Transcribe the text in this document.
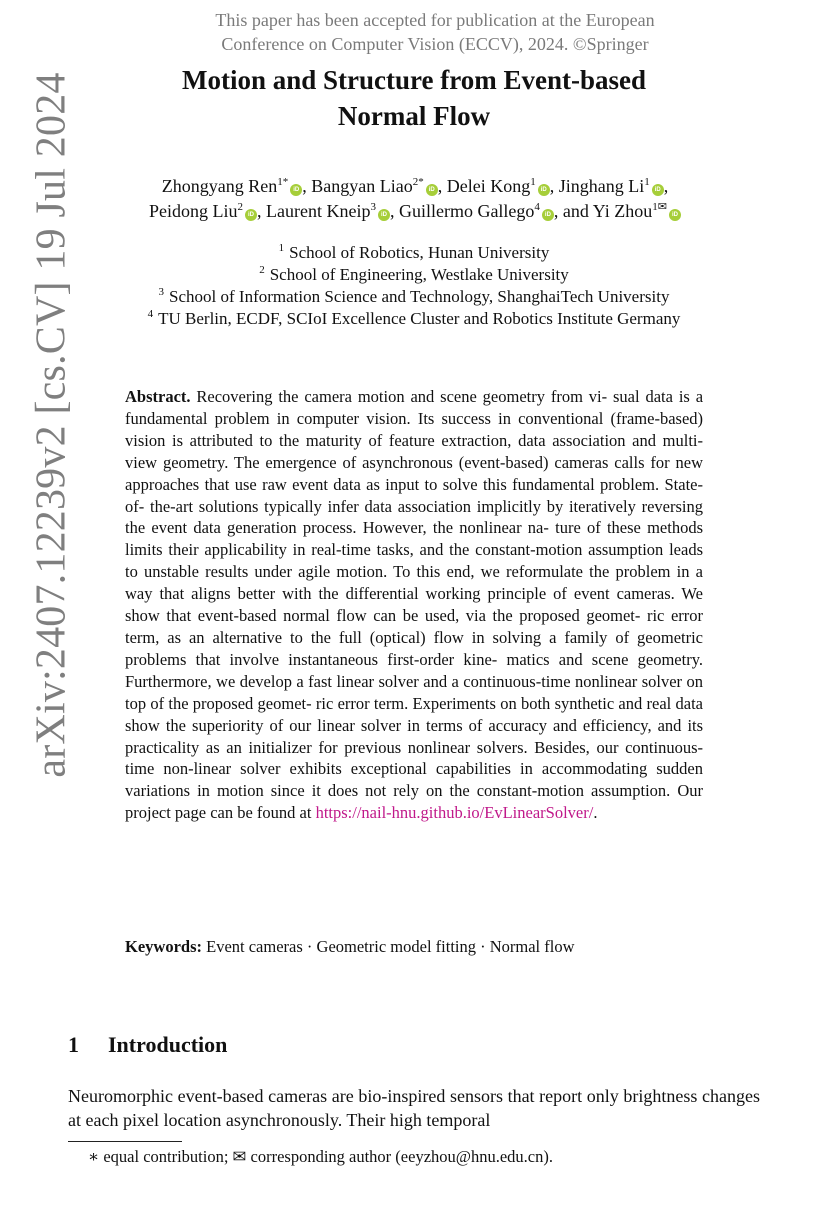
arXiv:2407.12239v2 [cs.CV] 19 Jul 2024
This paper has been accepted for publication at the European
Conference on Computer Vision (ECCV), 2024. ©Springer
Motion and Structure from Event-based
Normal Flow
Zhongyang Ren$^{1*}$iD , Bangyan Liao$^{2*}$iD , Delei Kong$^1$iD , Jinghang Li$^1$iD ,
Peidong Liu$^2$iD , Laurent Kneip$^3$iD , Guillermo Gallego$^4$iD , and Yi Zhou$^{1✉}$iD
$^1$ School of Robotics, Hunan University
$^2$ School of Engineering, Westlake University
$^3$ School of Information Science and Technology, ShanghaiTech University
$^4$ TU Berlin, ECDF, SCIoI Excellence Cluster and Robotics Institute Germany
Abstract. Recovering the camera motion and scene geometry from vi- sual data is a fundamental problem in computer vision. Its success in conventional (frame-based) vision is attributed to the maturity of feature extraction, data association and multi-view geometry. The emergence of asynchronous (event-based) cameras calls for new approaches that use raw event data as input to solve this fundamental problem. State-of- the-art solutions typically infer data association implicitly by iteratively reversing the event data generation process. However, the nonlinear na- ture of these methods limits their applicability in real-time tasks, and the constant-motion assumption leads to unstable results under agile motion. To this end, we reformulate the problem in a way that aligns better with the differential working principle of event cameras. We show that event-based normal flow can be used, via the proposed geomet- ric error term, as an alternative to the full (optical) flow in solving a family of geometric problems that involve instantaneous first-order kine- matics and scene geometry. Furthermore, we develop a fast linear solver and a continuous-time nonlinear solver on top of the proposed geomet- ric error term. Experiments on both synthetic and real data show the superiority of our linear solver in terms of accuracy and efficiency, and its practicality as an initializer for previous nonlinear solvers. Besides, our continuous-time non-linear solver exhibits exceptional capabilities in accommodating sudden variations in motion since it does not rely on the constant-motion assumption. Our project page can be found at https://nail-hnu.github.io/EvLinearSolver/.
Keywords: Event cameras · Geometric model fitting · Normal flow
1 Introduction
Neuromorphic event-based cameras are bio-inspired sensors that report only brightness changes at each pixel location asynchronously. Their high temporal
∗ equal contribution; ✉ corresponding author (eeyzhou@hnu.edu.cn).
